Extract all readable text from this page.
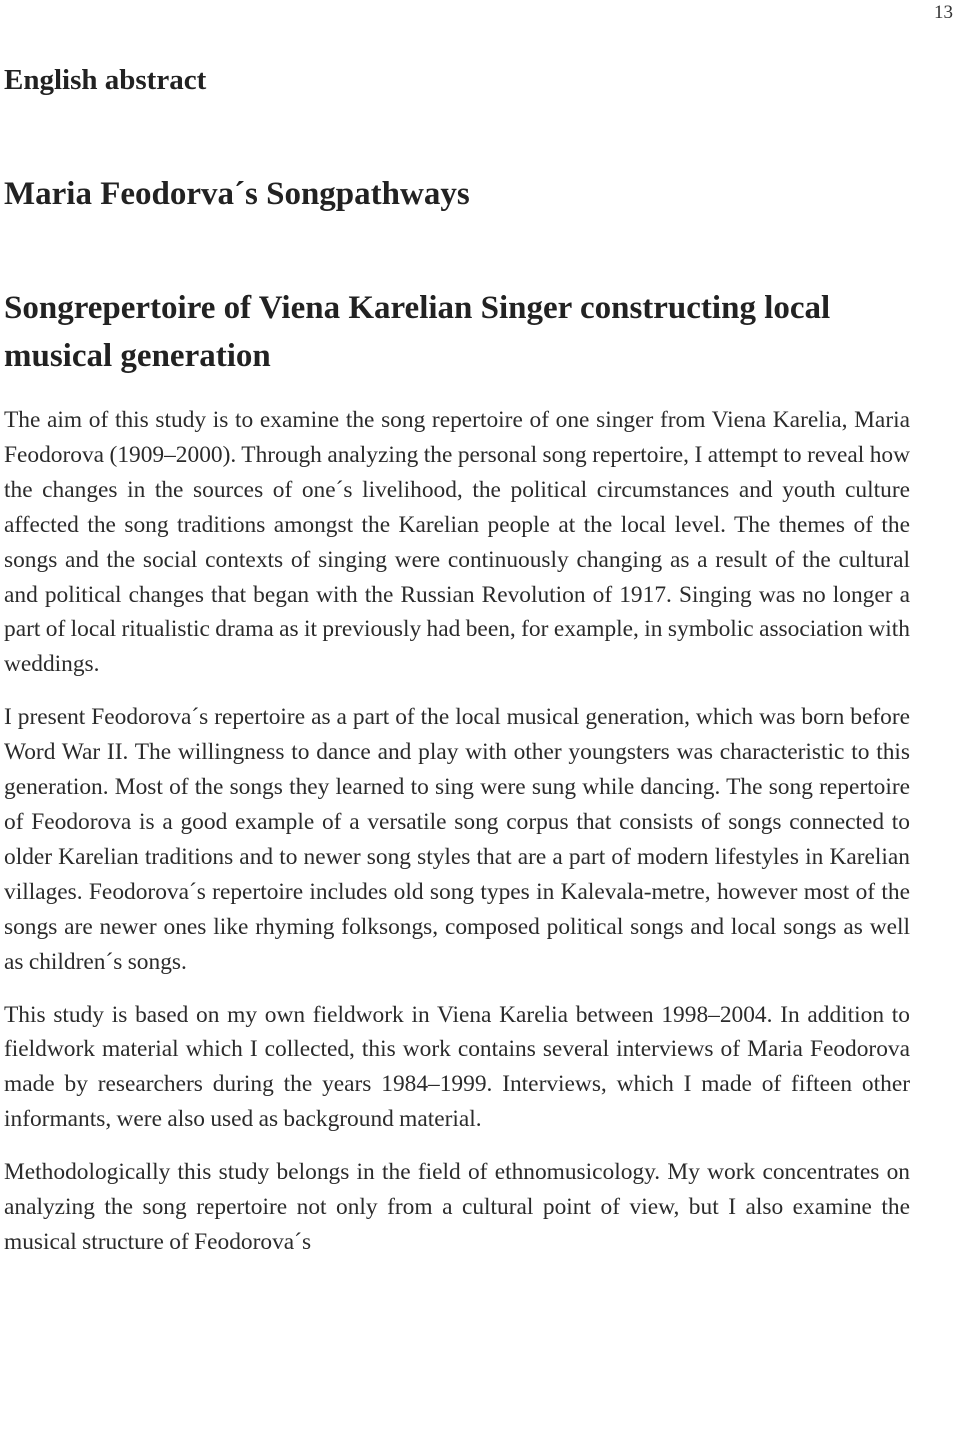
13
English abstract
Maria Feodorva´s Songpathways
Songrepertoire of Viena Karelian Singer constructing local musical generation

The aim of this study is to examine the song repertoire of one singer from Viena Karelia, Maria Feodorova (1909–2000). Through analyzing the personal song repertoire, I attempt to reveal how the changes in the sources of one´s livelihood, the political circumstances and youth culture affected the song traditions amongst the Karelian people at the local level. The themes of the songs and the social contexts of singing were continuously changing as a result of the cultural and political changes that began with the Russian Revolution of 1917. Singing was no longer a part of local ritualistic drama as it previously had been, for example, in symbolic association with weddings.

I present Feodorova´s repertoire as a part of the local musical generation, which was born before Word War II. The willingness to dance and play with other youngsters was characteristic to this generation. Most of the songs they learned to sing were sung while dancing. The song repertoire of Feodorova is a good example of a versatile song corpus that consists of songs connected to older Karelian traditions and to newer song styles that are a part of modern lifestyles in Karelian villages. Feodorova´s repertoire includes old song types in Kalevala-metre, however most of the songs are newer ones like rhyming folksongs, composed political songs and local songs as well as children´s songs.

This study is based on my own fieldwork in Viena Karelia between 1998–2004. In addition to fieldwork material which I collected, this work contains several interviews of Maria Feodorova made by researchers during the years 1984–1999. Interviews, which I made of fifteen other informants, were also used as background material.

Methodologically this study belongs in the field of ethnomusicology. My work concentrates on analyzing the song repertoire not only from a cultural point of view, but I also examine the musical structure of Feodorova´s
